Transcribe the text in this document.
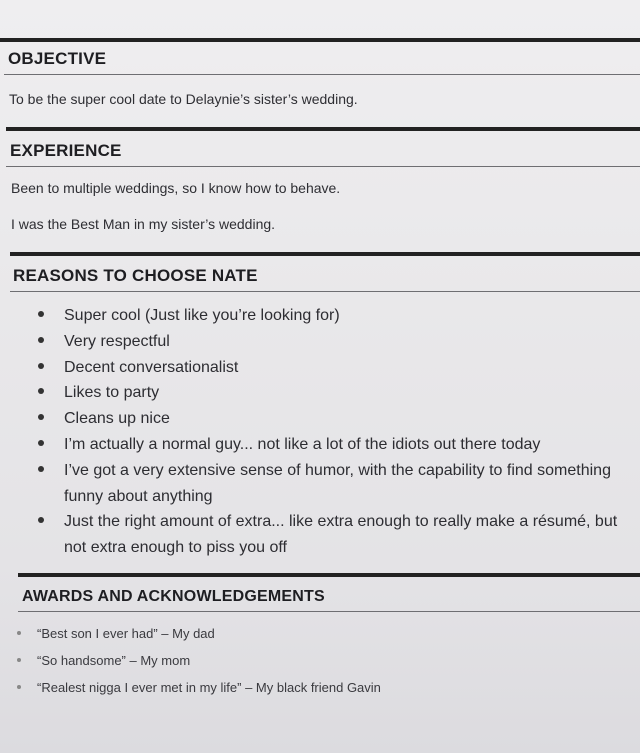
OBJECTIVE
To be the super cool date to Delaynie’s sister’s wedding.
EXPERIENCE
Been to multiple weddings, so I know how to behave.
I was the Best Man in my sister’s wedding.
REASONS TO CHOOSE NATE
Super cool (Just like you’re looking for)
Very respectful
Decent conversationalist
Likes to party
Cleans up nice
I’m actually a normal guy... not like a lot of the idiots out there today
I’ve got a very extensive sense of humor, with the capability to find something
funny about anything
Just the right amount of extra... like extra enough to really make a résumé, but
not extra enough to piss you off
AWARDS AND ACKNOWLEDGEMENTS
“Best son I ever had” – My dad
“So handsome” – My mom
“Realest nigga I ever met in my life” – My black friend Gavin
